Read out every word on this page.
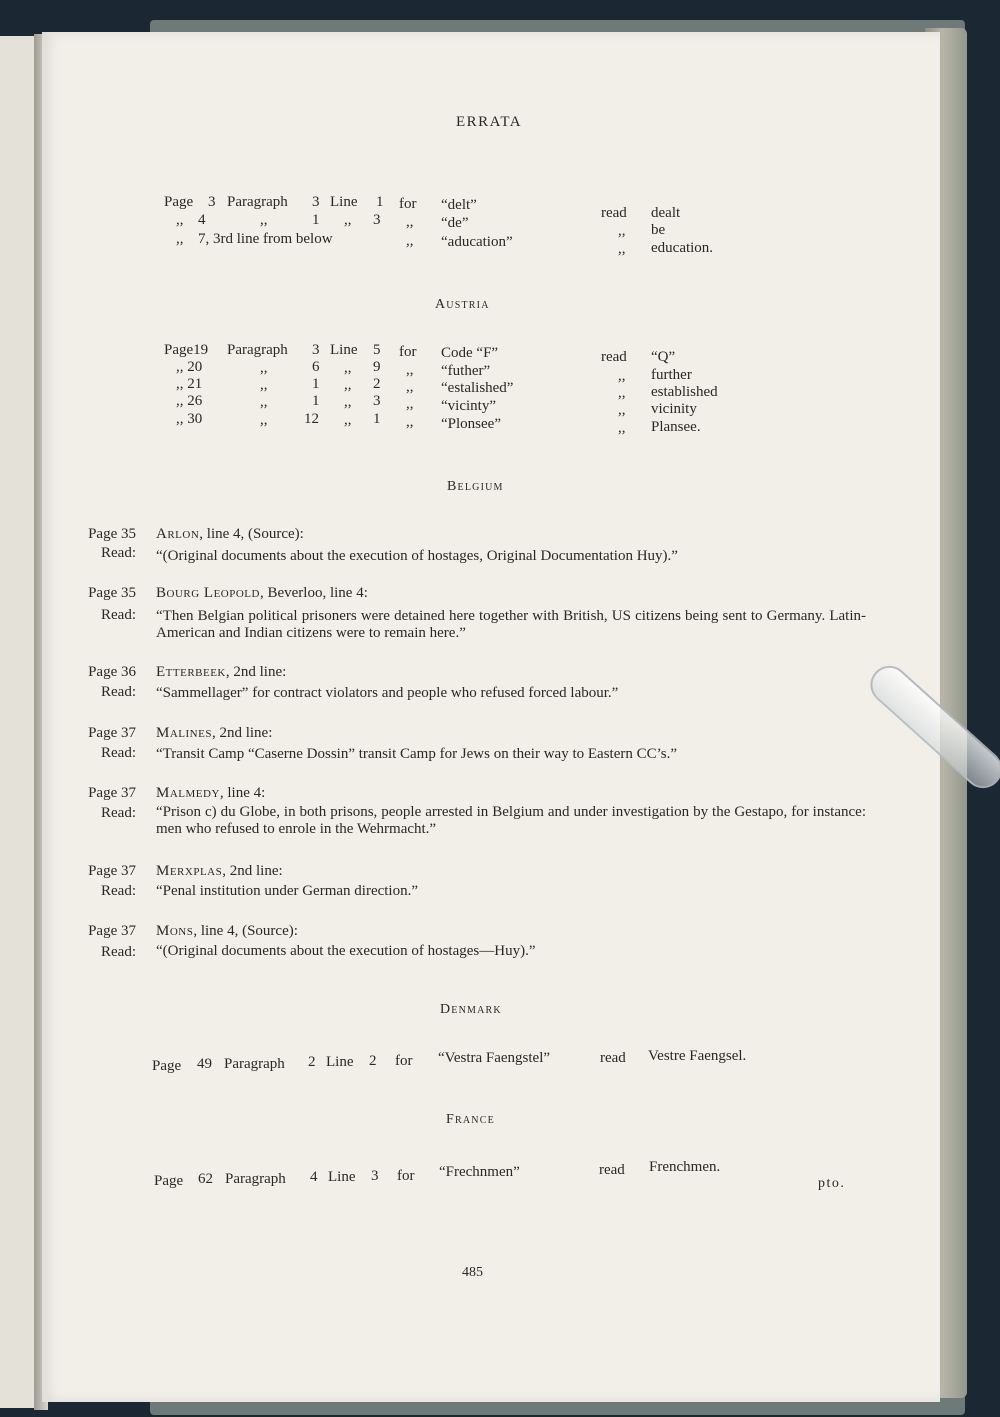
ERRATA
Page
,,
,,
3
4
7, 3rd line from below
Paragraph
,,
3
1
Line
,,
1
3
for
,,
,,
“delt”
“de”
“aducation”
read
,,
,,
dealt
be
education.
Austria
Page19
,, 20
,, 21
,, 26
,, 30
Paragraph
,,
,,
,,
,,
3
6
1
1
12
Line
,,
,,
,,
,,
5
9
2
3
1
for
,,
,,
,,
,,
Code “F”
“futher”
“estalished”
“vicinty”
“Plonsee”
read
,,
,,
,,
,,
“Q”
further
established
vicinity
Plansee.
Belgium
Page 35
Read:
Arlon, line 4, (Source):
“(Original documents about the execution of hostages, Original Documentation Huy).”
Page 35
Read:
Bourg Leopold, Beverloo, line 4:
“Then Belgian political prisoners were detained here together with British, US citizens being sent to Germany. Latin-American and Indian citizens were to remain here.”
Page 36
Read:
Etterbeek, 2nd line:
“Sammellager” for contract violators and people who refused forced labour.”
Page 37
Read:
Malines, 2nd line:
“Transit Camp “Caserne Dossin” transit Camp for Jews on their way to Eastern CC’s.”
Page 37
Read:
Malmedy, line 4:
“Prison c) du Globe, in both prisons, people arrested in Belgium and under investigation by the Gestapo, for instance: men who refused to enrole in the Wehrmacht.”
Page 37
Read:
Merxplas, 2nd line:
“Penal institution under German direction.”
Page 37
Read:
Mons, line 4, (Source):
“(Original documents about the execution of hostages—Huy).”
Denmark
Page 49 Paragraph 2 Line 2 for “Vestra Faengstel”	read Vestre Faengsel.
France
Page 62 Paragraph 4 Line 3 for “Frechnmen”	read Frenchmen.
pto.
485
